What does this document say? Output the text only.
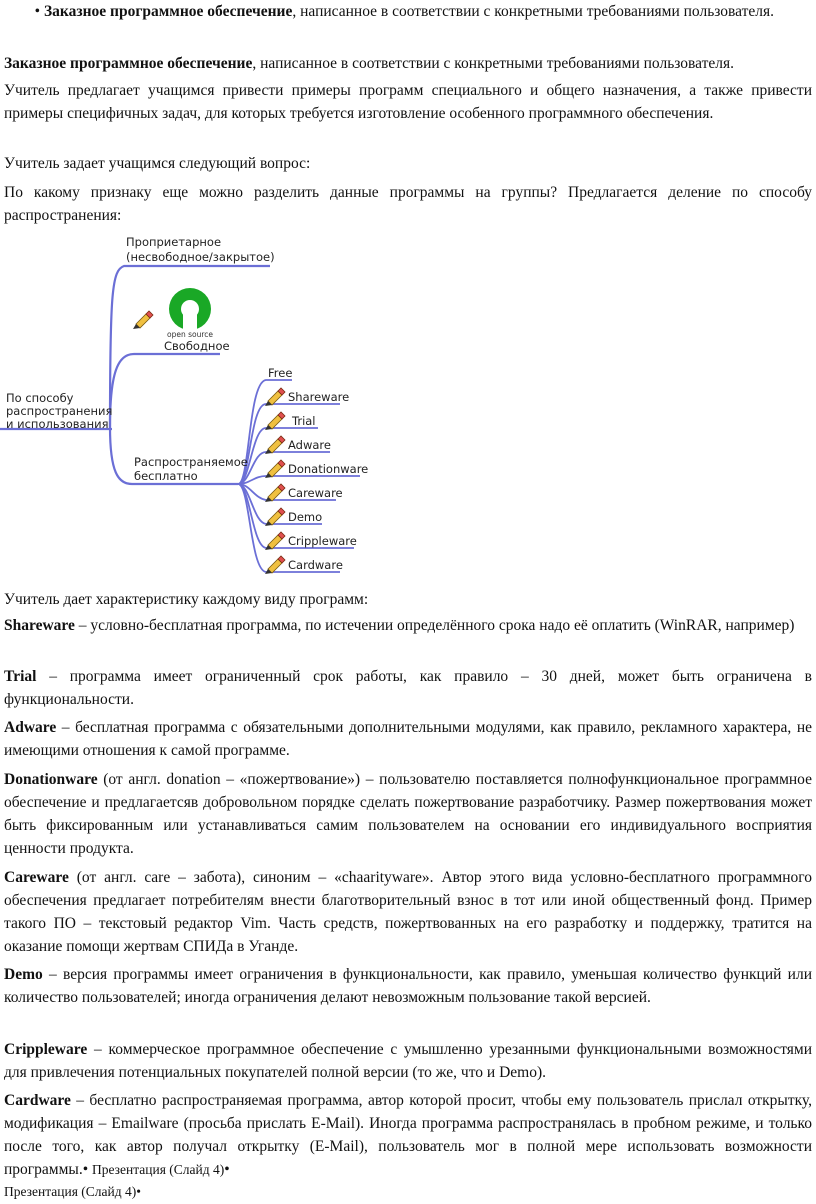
• Заказное программное обеспечение, написанное в соответствии с конкретными требованиями пользователя.

Заказное программное обеспечение, написанное в соответствии с конкретными требованиями пользователя.

Учитель предлагает учащимся привести примеры программ специального и общего назначения, а также привести примеры специфичных задач, для которых требуется изготовление особенного программного обеспечения.

Учитель задает учащимся следующий вопрос:

По какому признаку еще можно разделить данные программы на группы? Предлагается деление по способу распространения:

По способу
распространения
и использования
Проприетарное
(несвободное/закрытое)
open source
Свободное
Распространяемое
бесплатно
Free
Shareware
Trial
Adware
Donationware
Careware
Demo
Crippleware
Cardware

Учитель дает характеристику каждому виду программ:

Shareware – условно-бесплатная программа, по истечении определённого срока надо её оплатить (WinRAR, например)

Trial – программа имеет ограниченный срок работы, как правило – 30 дней, может быть ограничена в функциональности.

Adware – бесплатная программа с обязательными дополнительными модулями, как правило, рекламного характера, не имеющими отношения к самой программе.

Donationware (от англ. donation – «пожертвование») – пользователю поставляется полнофункциональное программное обеспечение и предлагаетсяв добровольном порядке сделать пожертвование разработчику. Размер пожертвования может быть фиксированным или устанавливаться самим пользователем на основании его индивидуального восприятия ценности продукта.

Careware (от англ. care – забота), синоним – «chaarityware». Автор этого вида условно-бесплатного программного обеспечения предлагает потребителям внести благотворительный взнос в тот или иной общественный фонд. Пример такого ПО – текстовый редактор Vim. Часть средств, пожертвованных на его разработку и поддержку, тратится на оказание помощи жертвам СПИДа в Уганде.

Demo – версия программы имеет ограничения в функциональности, как правило, уменьшая количество функций или количество пользователей; иногда ограничения делают невозможным пользование такой версией.

Crippleware – коммерческое программное обеспечение с умышленно урезанными функциональными возможностями для привлечения потенциальных покупателей полной версии (то же, что и Demo).

Cardware – бесплатно распространяемая программа, автор которой просит, чтобы ему пользователь прислал открытку, модификация – Emailware (просьба прислать E-Mail). Иногда программа распространялась в пробном режиме, и только после того, как автор получал открытку (E-Mail), пользователь мог в полной мере использовать возможности программы.• Презентация (Слайд 4)•

Презентация (Слайд 4)•
